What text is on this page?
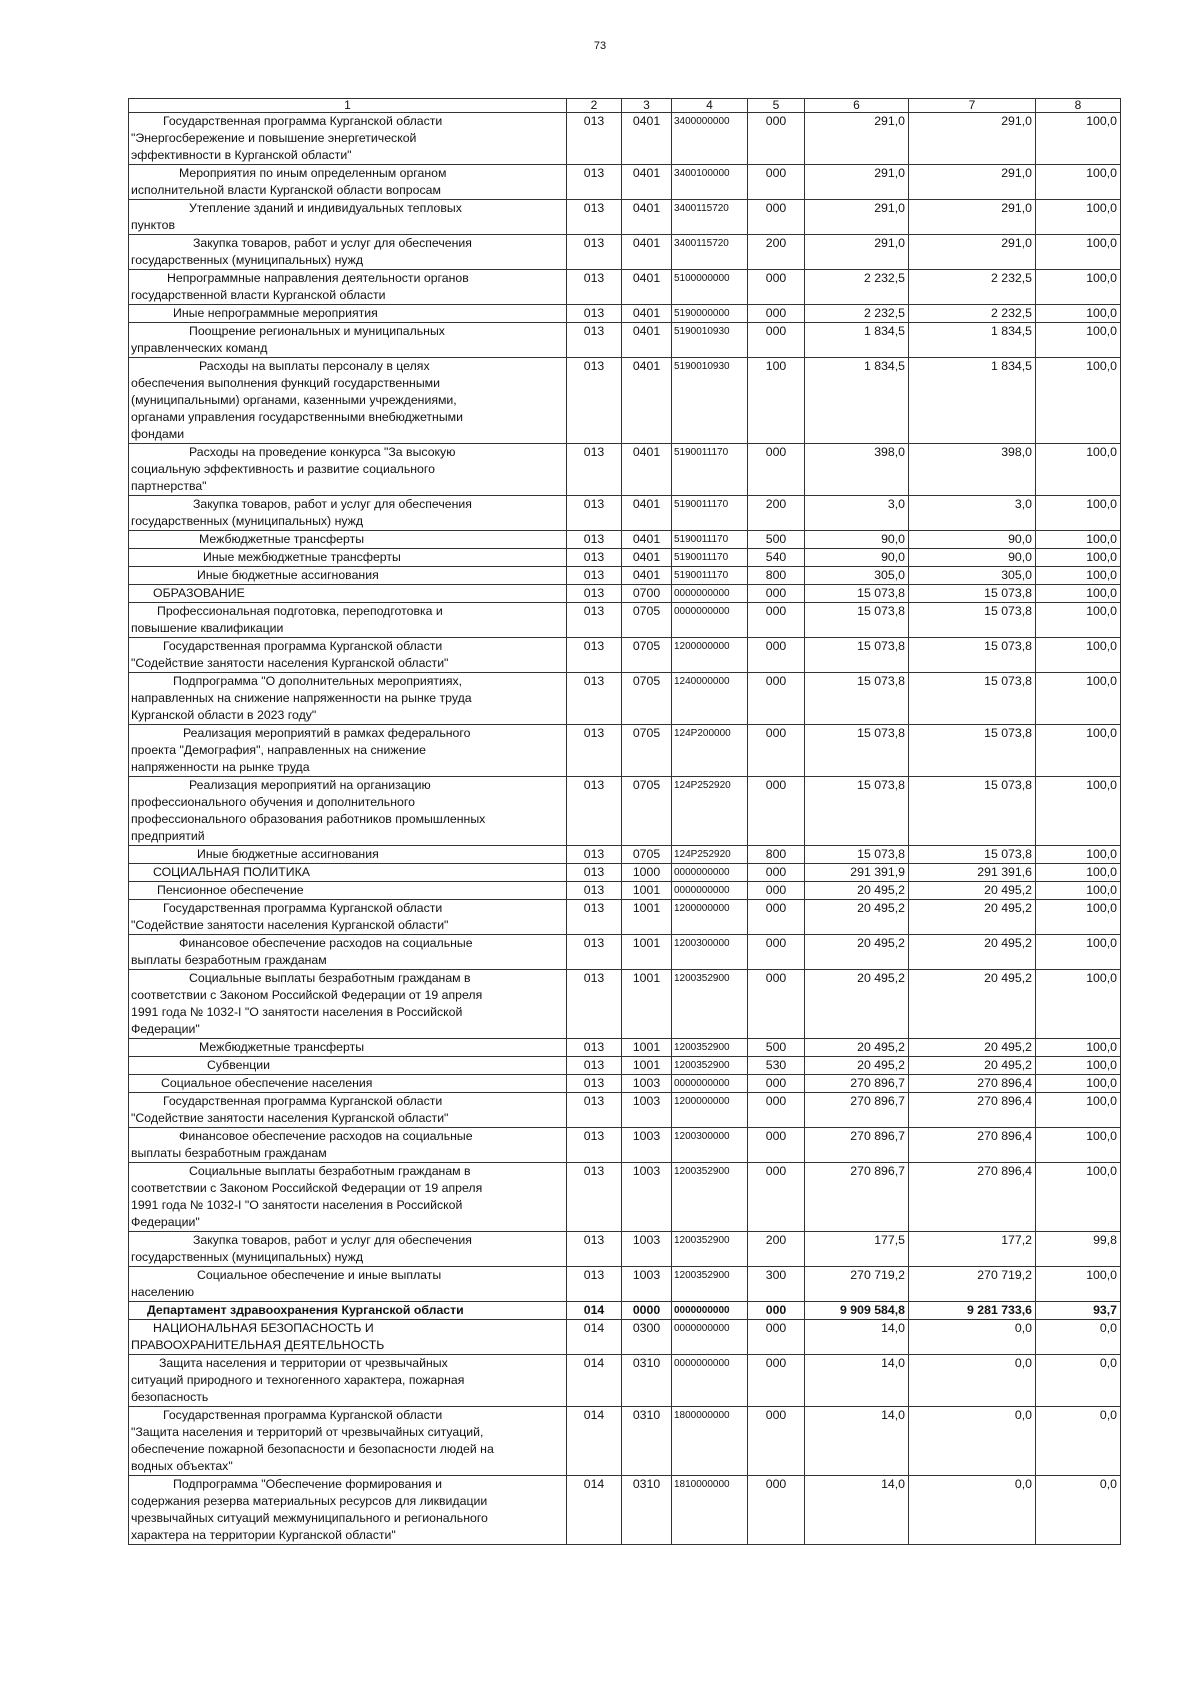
73
1	2	3	4	5	6	7	8

Государственная программа Курганской области
"Энергосбережение и повышение энергетической
эффективности в Курганской области"	013	0401	3400000000	000	291,0	291,0	100,0

Мероприятия по иным определенным органом
исполнительной власти Курганской области вопросам	013	0401	3400100000	000	291,0	291,0	100,0

Утепление зданий и индивидуальных тепловых
пунктов	013	0401	3400115720	000	291,0	291,0	100,0

Закупка товаров, работ и услуг для обеспечения
государственных (муниципальных) нужд	013	0401	3400115720	200	291,0	291,0	100,0

Непрограммные направления деятельности органов
государственной власти Курганской области	013	0401	5100000000	000	2 232,5	2 232,5	100,0

Иные непрограммные мероприятия	013	0401	5190000000	000	2 232,5	2 232,5	100,0

Поощрение региональных и муниципальных
управленческих команд	013	0401	5190010930	000	1 834,5	1 834,5	100,0

Расходы на выплаты персоналу в целях
обеспечения выполнения функций государственными
(муниципальными) органами, казенными учреждениями,
органами управления государственными внебюджетными
фондами	013	0401	5190010930	100	1 834,5	1 834,5	100,0

Расходы на проведение конкурса "За высокую
социальную эффективность и развитие социального
партнерства"	013	0401	5190011170	000	398,0	398,0	100,0

Закупка товаров, работ и услуг для обеспечения
государственных (муниципальных) нужд	013	0401	5190011170	200	3,0	3,0	100,0

Межбюджетные трансферты	013	0401	5190011170	500	90,0	90,0	100,0

Иные межбюджетные трансферты	013	0401	5190011170	540	90,0	90,0	100,0

Иные бюджетные ассигнования	013	0401	5190011170	800	305,0	305,0	100,0

ОБРАЗОВАНИЕ	013	0700	0000000000	000	15 073,8	15 073,8	100,0

Профессиональная подготовка, переподготовка и
повышение квалификации	013	0705	0000000000	000	15 073,8	15 073,8	100,0

Государственная программа Курганской области
"Содействие занятости населения Курганской области"	013	0705	1200000000	000	15 073,8	15 073,8	100,0

Подпрограмма "О дополнительных мероприятиях,
направленных на снижение напряженности на рынке труда
Курганской области в 2023 году"	013	0705	1240000000	000	15 073,8	15 073,8	100,0

Реализация мероприятий в рамках федерального
проекта "Демография", направленных на снижение
напряженности на рынке труда	013	0705	124P200000	000	15 073,8	15 073,8	100,0

Реализация мероприятий на организацию
профессионального обучения и дополнительного
профессионального образования работников промышленных
предприятий	013	0705	124P252920	000	15 073,8	15 073,8	100,0

Иные бюджетные ассигнования	013	0705	124P252920	800	15 073,8	15 073,8	100,0

СОЦИАЛЬНАЯ ПОЛИТИКА	013	1000	0000000000	000	291 391,9	291 391,6	100,0

Пенсионное обеспечение	013	1001	0000000000	000	20 495,2	20 495,2	100,0

Государственная программа Курганской области
"Содействие занятости населения Курганской области"	013	1001	1200000000	000	20 495,2	20 495,2	100,0

Финансовое обеспечение расходов на социальные
выплаты безработным гражданам	013	1001	1200300000	000	20 495,2	20 495,2	100,0

Социальные выплаты безработным гражданам в
соответствии с Законом Российской Федерации от 19 апреля
1991 года № 1032-I "О занятости населения в Российской
Федерации"	013	1001	1200352900	000	20 495,2	20 495,2	100,0

Межбюджетные трансферты	013	1001	1200352900	500	20 495,2	20 495,2	100,0

Субвенции	013	1001	1200352900	530	20 495,2	20 495,2	100,0

Социальное обеспечение населения	013	1003	0000000000	000	270 896,7	270 896,4	100,0

Государственная программа Курганской области
"Содействие занятости населения Курганской области"	013	1003	1200000000	000	270 896,7	270 896,4	100,0

Финансовое обеспечение расходов на социальные
выплаты безработным гражданам	013	1003	1200300000	000	270 896,7	270 896,4	100,0

Социальные выплаты безработным гражданам в
соответствии с Законом Российской Федерации от 19 апреля
1991 года № 1032-I "О занятости населения в Российской
Федерации"	013	1003	1200352900	000	270 896,7	270 896,4	100,0

Закупка товаров, работ и услуг для обеспечения
государственных (муниципальных) нужд	013	1003	1200352900	200	177,5	177,2	99,8

Социальное обеспечение и иные выплаты
населению	013	1003	1200352900	300	270 719,2	270 719,2	100,0

Департамент здравоохранения Курганской области	014	0000	0000000000	000	9 909 584,8	9 281 733,6	93,7

НАЦИОНАЛЬНАЯ БЕЗОПАСНОСТЬ И
ПРАВООХРАНИТЕЛЬНАЯ ДЕЯТЕЛЬНОСТЬ	014	0300	0000000000	000	14,0	0,0	0,0

Защита населения и территории от чрезвычайных
ситуаций природного и техногенного характера, пожарная
безопасность	014	0310	0000000000	000	14,0	0,0	0,0

Государственная программа Курганской области
"Защита населения и территорий от чрезвычайных ситуаций,
обеспечение пожарной безопасности и безопасности людей на
водных объектах"	014	0310	1800000000	000	14,0	0,0	0,0

Подпрограмма "Обеспечение формирования и
содержания резерва материальных ресурсов для ликвидации
чрезвычайных ситуаций межмуниципального и регионального
характера на территории Курганской области"	014	0310	1810000000	000	14,0	0,0	0,0
